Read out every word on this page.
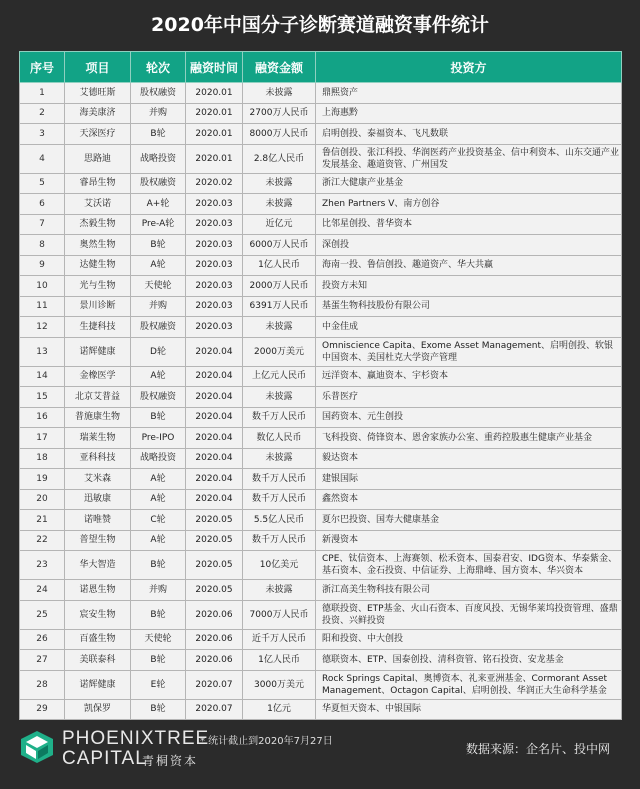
2020年中国分子诊断赛道融资事件统计
序号	项目	轮次	融资时间	融资金额	投资方
1	艾德旺斯	股权融资	2020.01	未披露	鼎熙资产
2	海美康济	并购	2020.01	2700万人民币	上海惠黔
3	天深医疗	B轮	2020.01	8000万人民币	启明创投、泰福资本、飞凡数联
4	思路迪	战略投资	2020.01	2.8亿人民币	鲁信创投、张江科投、华润医药产业投资基金、信中利资本、山东交通产业发展基金、趣道资管、广州国发
5	睿昂生物	股权融资	2020.02	未披露	浙江大健康产业基金
6	艾沃诺	A+轮	2020.03	未披露	Zhen Partners V、南方创谷
7	杰毅生物	Pre-A轮	2020.03	近亿元	比邻星创投、普华资本
8	奥然生物	B轮	2020.03	6000万人民币	深创投
9	达健生物	A轮	2020.03	1亿人民币	海南一投、鲁信创投、趣道资产、华大共赢
10	光与生物	天使轮	2020.03	2000万人民币	投资方未知
11	景川诊断	并购	2020.03	6391万人民币	基蛋生物科技股份有限公司
12	生捷科技	股权融资	2020.03	未披露	中金佳成
13	诺辉健康	D轮	2020.04	2000万美元	Omniscience Capita、Exome Asset Management、启明创投、软银中国资本、美国杜克大学资产管理
14	金橡医学	A轮	2020.04	上亿元人民币	远洋资本、赢迪资本、宇杉资本
15	北京艾普益	股权融资	2020.04	未披露	乐普医疗
16	普施康生物	B轮	2020.04	数千万人民币	国药资本、元生创投
17	瑞莱生物	Pre-IPO	2020.04	数亿人民币	飞科投资、倚锋资本、恩舍家族办公室、重药控股惠生健康产业基金
18	亚科科技	战略投资	2020.04	未披露	毅达资本
19	艾米森	A轮	2020.04	数千万人民币	建银国际
20	迅敏康	A轮	2020.04	数千万人民币	鑫然资本
21	诺唯赞	C轮	2020.05	5.5亿人民币	夏尔巴投资、国寿大健康基金
22	普望生物	A轮	2020.05	数千万人民币	新漫资本
23	华大智造	B轮	2020.05	10亿美元	CPE、钛信资本、上海赛领、松禾资本、国泰君安、IDG资本、华泰紫金、基石资本、金石投资、中信证券、上海鼎峰、国方资本、华兴资本
24	诺恩生物	并购	2020.05	未披露	浙江高美生物科技有限公司
25	宸安生物	B轮	2020.06	7000万人民币	德联投资、ETP基金、火山石资本、百度风投、无锡华莱坞投资管理、盛鼎投资、兴鲜投资
26	百盛生物	天使轮	2020.06	近千万人民币	阳和投资、中大创投
27	美联泰科	B轮	2020.06	1亿人民币	德联资本、ETP、国泰创投、清科资管、铭石投资、安龙基金
28	诺辉健康	E轮	2020.07	3000万美元	Rock Springs Capital、奥博资本、礼来亚洲基金、Cormorant Asset Management、Octagon Capital、启明创投、华润正大生命科学基金
29	凯保罗	B轮	2020.07	1亿元	华夏恒天资本、中银国际
PHOENIXTREE
CAPITAL
青桐资本
* 统计截止到2020年7月27日
数据来源：企名片、投中网
